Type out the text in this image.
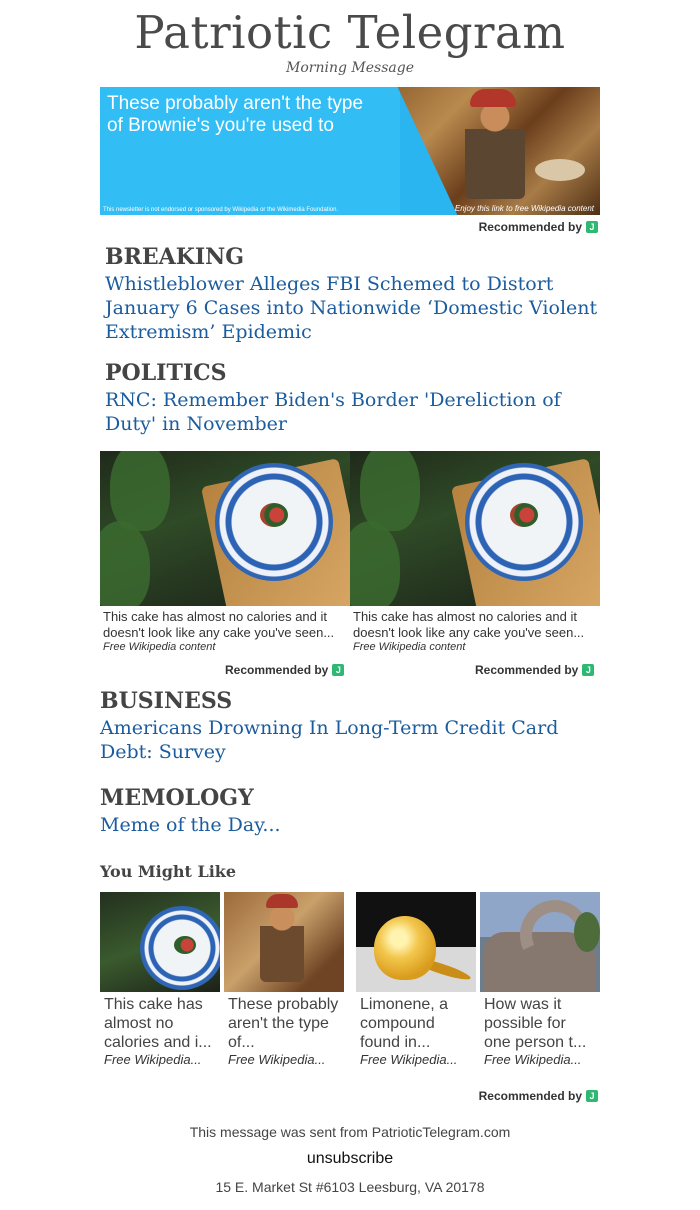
Patriotic Telegram
Morning Message
These probably aren't the type of Brownie's you're used to
This newsletter is not endorsed or sponsored by Wikipedia or the Wikimedia Foundation.	Enjoy this link to free Wikipedia content
Recommended by J
BREAKING
Whistleblower Alleges FBI Schemed to Distort January 6 Cases into Nationwide ‘Domestic Violent Extremism’ Epidemic
POLITICS
RNC: Remember Biden's Border 'Dereliction of Duty' in November
This cake has almost no calories and it doesn't look like any cake you've seen...
Free Wikipedia content
This cake has almost no calories and it doesn't look like any cake you've seen...
Free Wikipedia content
Recommended by J	Recommended by J
BUSINESS
Americans Drowning In Long-Term Credit Card Debt: Survey
MEMOLOGY
Meme of the Day...
You Might Like
This cake has almost no calories and i...
Free Wikipedia...
These probably aren't the type of...
Free Wikipedia...
Limonene, a compound found in...
Free Wikipedia...
How was it possible for one person t...
Free Wikipedia...
Recommended by J
This message was sent from PatrioticTelegram.com
unsubscribe
15 E. Market St #6103 Leesburg, VA 20178
